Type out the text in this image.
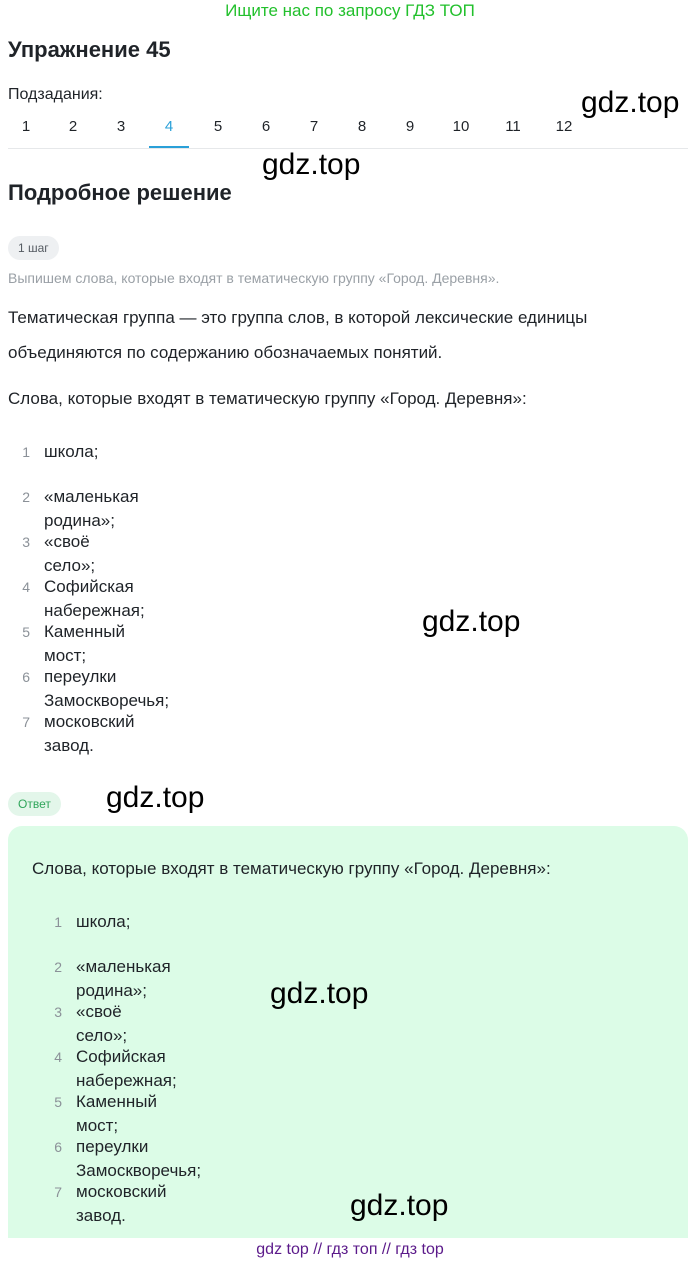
Ищите нас по запросу ГДЗ ТОП
Упражнение 45
Подзадания:	gdz.top
1	2	3	4	5	6	7	8	9	10	11	12
gdz.top
Подробное решение
1 шаг
Выпишем слова, которые входят в тематическую группу «Город. Деревня».
Тематическая группа — это группа слов, в которой лексические единицы объединяются по содержанию обозначаемых понятий.
Слова, которые входят в тематическую группу «Город. Деревня»:
1 школа;
2 «маленькая родина»;
3 «своё село»;
4 Софийская набережная;
5 Каменный мост;
6 переулки Замоскворечья;
7 московский завод.
gdz.top
Ответ	gdz.top
Слова, которые входят в тематическую группу «Город. Деревня»:
1 школа;
2 «маленькая родина»;
3 «своё село»;
4 Софийская набережная;
5 Каменный мост;
6 переулки Замоскворечья;
7 московский завод.
gdz.top
gdz.top
gdz top // гдз топ // гдз top
